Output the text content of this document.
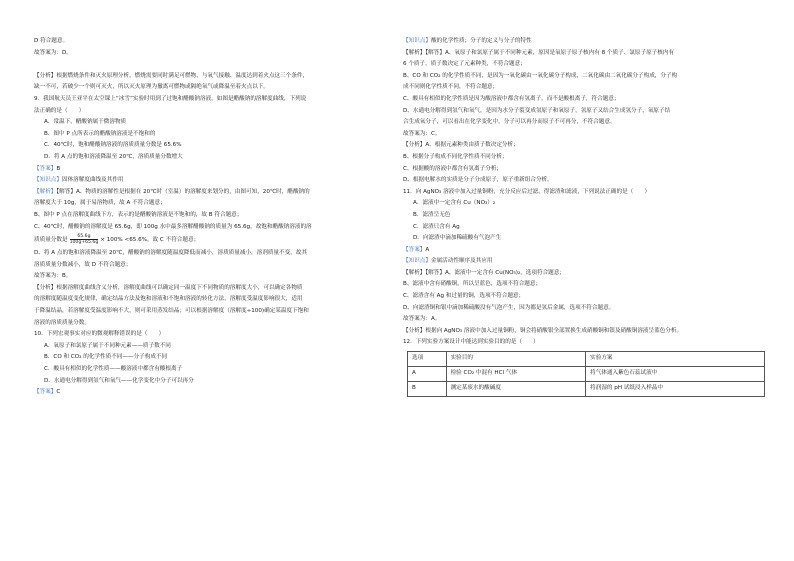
D 符合题意。
故答案为：D。
【分析】根据燃烧条件和灭火原理分析，燃烧需要同时满足可燃物、与氧气接触、温度达到着火点这三个条件，
缺一不可，若破少一个则可灭火，所以灭火原理为撤离可燃物或隔绝氧气或降温至着火点以下。
9．我国航天员王亚平在太空课上“冰雪”实验时用到了过饱和醋酸钠溶液，如图是醋酸钠的溶解度曲线，下列说
法正确的是（　　）
A．常温下，醋酸钠属于微溶物质
B．图中 P 点所表示的醋酸钠溶液是不饱和的
C．40℃时，饱和醋酸钠溶液的溶质质量分数是 65.6%
D．将 A 点的饱和溶液降温至 20℃，溶质质量分数增大
【答案】B
【知识点】固体溶解度曲线及其作用
【解析】【解答】A、物质的溶解性是根据在 20℃时（室温）的溶解度来划分的，由图可知，20℃时，醋酸钠的
溶解度大于 10g，属于易溶物质，故 A 不符合题意；
B、图中 P 点在溶解度曲线下方，表示的是醋酸钠溶液是不饱和的，故 B 符合题意；
C、40℃时，醋酸钠的溶解度是 65.6g，即 100g 水中最多溶解醋酸钠的质量为 65.6g，故饱和醋酸钠溶液的溶
质质量分数是 $\frac{65.6g}{100g+65.6g} \times 100\% <65.6\%$，故 C 不符合题意；
D、将 A 点的饱和溶液降温至 20℃，醋酸钠的溶解度随温度降低而减小，溶质质量减小，溶剂质量不变，故其
溶质质量分数减小，故 D 不符合题意；
故答案为：B。
【分析】根据溶解度曲线含义分析，溶解度曲线可以确定同一温度下不同物质的溶解度大小，可以确定各物质
的溶解度随温度变化规律，确定结晶方法及饱和溶液和不饱和溶液的转化方法，溶解度受温度影响很大，适用
于降温结晶，若溶解度受温度影响不大，则可采用蒸发结晶；可以根据溶解度（溶解度÷100)确定某温度下饱和
溶液的溶质质量分数。
10．下列宏观事实对应的微观解释错误的是（　　）
A．氧原子和氯原子属于不同种元素——质子数不同
B．CO 和 CO₂ 的化学性质不同——分子构成不同
C．酸具有相似的化学性质——酸溶液中都含有酸根离子
D．水通电分解得到氢气和氧气——化学变化中分子可以再分
【答案】C
【知识点】酸的化学性质；分子的定义与分子的特性
【解析】【解答】A、氧原子和氯原子属于不同种元素，原因是氧原子原子核内有 8 个质子、氯原子原子核内有
6 个质子，质子数决定了元素种类，不符合题意；
B、CO 和 CO₂ 的化学性质不同，是因为一氧化碳由一氧化碳分子构成，二氧化碳由二氧化碳分子构成，分子构
成不同则化学性质不同，不符合题意；
C、酸具有相似的化学性质是因为酸溶液中都含有氢离子，而不是酸根离子，符合题意；
D、水通电分解得到氢气和氧气，是因为水分子裂变成氢原子和氧原子，氢原子又结合生成氢分子，氧原子结
合生成氧分子，可以看出在化学变化中，分子可以再分而原子不可再分，不符合题意。
故答案为：C。
【分析】A、根据元素种类由质子数决定分析；
B、根据分子构成不同化学性质不同分析；
C、根据酸的溶液中都含有氢离子分析；
D、根据电解水的实质是分子分成原子，原子重新组合分析。
11．向 AgNO₃ 溶液中加入过量铜粉，充分反应后过滤，得滤渣和滤液，下列说法正确的是（　　）
A．滤液中一定含有 Cu（NO₃）₂
B．滤渣呈无色
C．滤渣只含有 Ag
D．向滤渣中滴加稀硫酸有气泡产生
【答案】A
【知识点】金属活动性顺序及其应用
【解析】【解答】A、滤液中一定含有 Cu(NO₃)₂，选项符合题意；
B、滤液中含有硝酸铜，所以呈蓝色，选项不符合题意；
C、滤渣含有 Ag 和过量的铜，选项不符合题意；
D、向滤渣铜和银中滴加稀硫酸没有气泡产生，因为都是氢后金属，选项不符合题意。
故答案为：A。
【分析】根据向 AgNO₃ 溶液中加入过量铜粉，铜会将硝酸银全部置换生成硝酸铜和银及硝酸铜溶液呈蓝色分析。
12．下列实验方案设计中能达到实验目的的是（　　）
选项	实验目的	实验方案
A	检验 CO₂ 中混有 HCl 气体	将气体通入紫色石蕊试液中
B	测定某废水的酸碱度	将润湿的 pH 试纸浸入样品中
